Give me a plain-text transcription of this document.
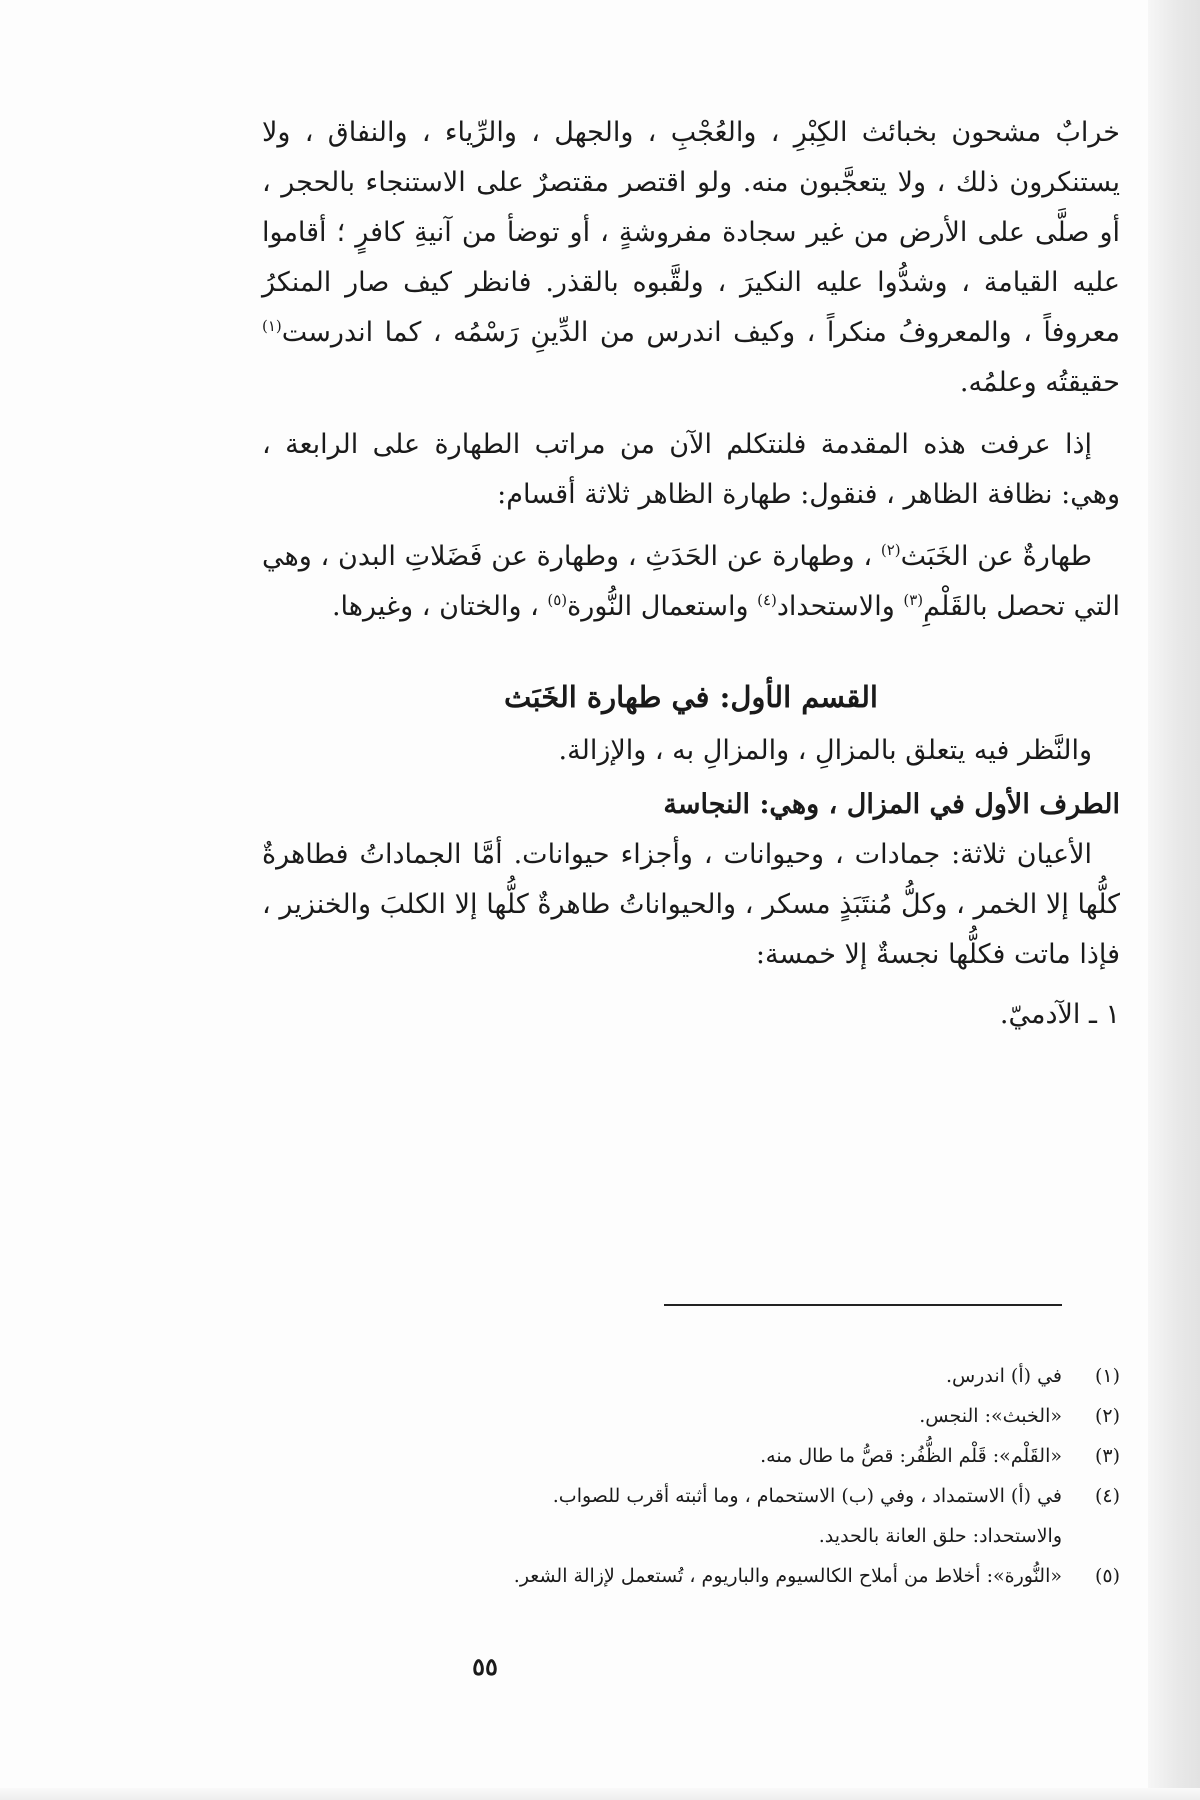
خرابٌ مشحون بخبائث الكِبْرِ ، والعُجْبِ ، والجهل ، والرِّياء ، والنفاق ، ولا يستنكرون ذلك ، ولا يتعجَّبون منه. ولو اقتصر مقتصرٌ على الاستنجاء بالحجر ، أو صلَّى على الأرض من غير سجادة مفروشةٍ ، أو توضأ من آنيةِ كافرٍ ؛ أقاموا عليه القيامة ، وشدُّوا عليه النكيرَ ، ولقَّبوه بالقذر. فانظر كيف صار المنكرُ معروفاً ، والمعروفُ منكراً ، وكيف اندرس من الدِّينِ رَسْمُه ، كما اندرست$^{(١)}$ حقيقتُه وعلمُه.

إذا عرفت هذه المقدمة فلنتكلم الآن من مراتب الطهارة على الرابعة ، وهي: نظافة الظاهر ، فنقول: طهارة الظاهر ثلاثة أقسام:

طهارةٌ عن الخَبَث$^{(٢)}$ ، وطهارة عن الحَدَثِ ، وطهارة عن فَضَلاتِ البدن ، وهي التي تحصل بالقَلْمِ$^{(٣)}$ والاستحداد$^{(٤)}$ واستعمال النُّورة$^{(٥)}$ ، والختان ، وغيرها.

القسم الأول: في طهارة الخَبَث

والنَّظر فيه يتعلق بالمزالِ ، والمزالِ به ، والإزالة.

الطرف الأول في المزال ، وهي: النجاسة

الأعيان ثلاثة: جمادات ، وحيوانات ، وأجزاء حيوانات. أمَّا الجماداتُ فطاهرةٌ كلُّها إلا الخمر ، وكلُّ مُنتَبَذٍ مسكر ، والحيواناتُ طاهرةٌ كلُّها إلا الكلبَ والخنزير ، فإذا ماتت فكلُّها نجسةٌ إلا خمسة:

١ ـ الآدميّ.

(١)
في (أ) اندرس.
(٢)
«الخبث»: النجس.
(٣)
«القَلْم»: قَلْم الظُّفُر: قصُّ ما طال منه.
(٤)
في (أ) الاستمداد ، وفي (ب) الاستحمام ، وما أثبته أقرب للصواب.
والاستحداد: حلق العانة بالحديد.
(٥)
«النُّورة»: أخلاط من أملاح الكالسيوم والباريوم ، تُستعمل لإزالة الشعر.
٥٥
